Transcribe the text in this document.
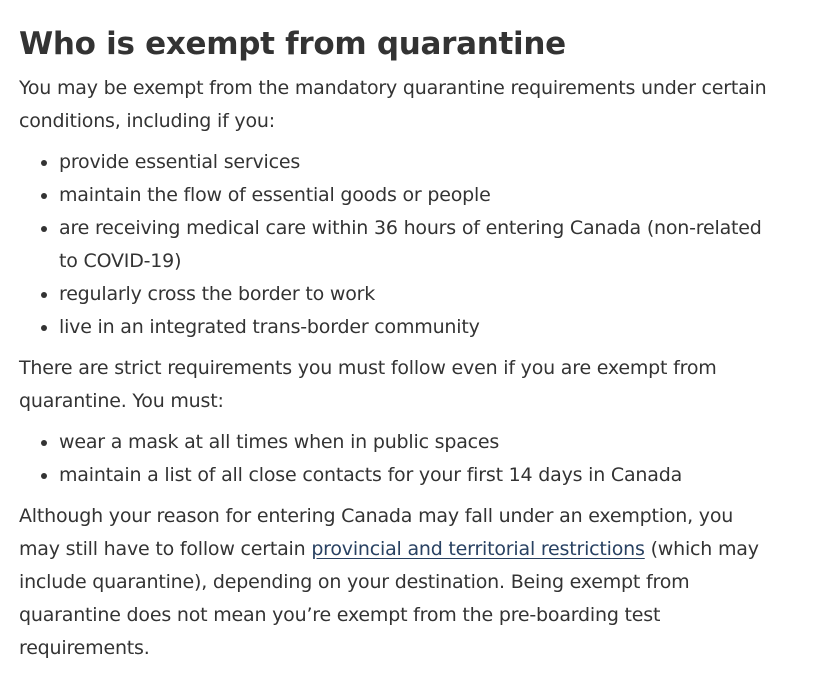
Who is exempt from quarantine

You may be exempt from the mandatory quarantine requirements under certain conditions, including if you:

• provide essential services
• maintain the flow of essential goods or people
• are receiving medical care within 36 hours of entering Canada (non-related to COVID-19)
• regularly cross the border to work
• live in an integrated trans-border community

There are strict requirements you must follow even if you are exempt from quarantine. You must:

• wear a mask at all times when in public spaces
• maintain a list of all close contacts for your first 14 days in Canada

Although your reason for entering Canada may fall under an exemption, you may still have to follow certain provincial and territorial restrictions (which may include quarantine), depending on your destination. Being exempt from quarantine does not mean you’re exempt from the pre-boarding test requirements.
